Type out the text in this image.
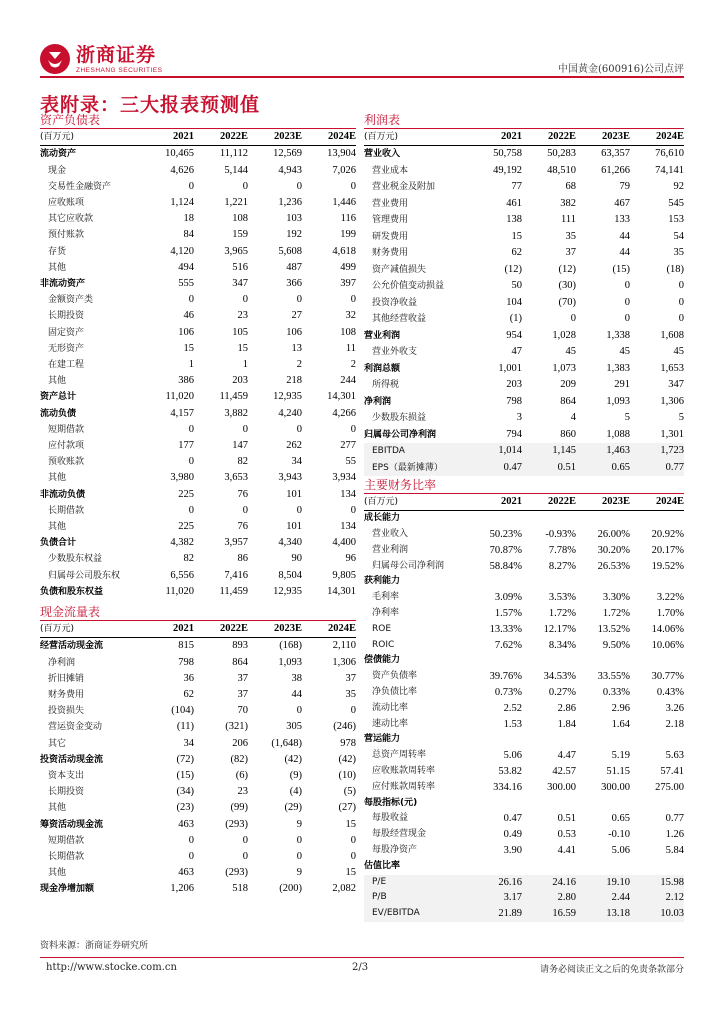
浙商证券
ZHESHANG SECURITIES	中国黄金(600916)公司点评
表附录：三大报表预测值
资产负债表
(百万元)	2021	2022E	2023E	2024E
流动资产	10,465	11,112	12,569	13,904
现金	4,626	5,144	4,943	7,026
交易性金融资产	0	0	0	0
应收账项	1,124	1,221	1,236	1,446
其它应收款	18	108	103	116
预付账款	84	159	192	199
存货	4,120	3,965	5,608	4,618
其他	494	516	487	499
非流动资产	555	347	366	397
金额资产类	0	0	0	0
长期投资	46	23	27	32
固定资产	106	105	106	108
无形资产	15	15	13	11
在建工程	1	1	2	2
其他	386	203	218	244
资产总计	11,020	11,459	12,935	14,301
流动负债	4,157	3,882	4,240	4,266
短期借款	0	0	0	0
应付款项	177	147	262	277
预收账款	0	82	34	55
其他	3,980	3,653	3,943	3,934
非流动负债	225	76	101	134
长期借款	0	0	0	0
其他	225	76	101	134
负债合计	4,382	3,957	4,340	4,400
少数股东权益	82	86	90	96
归属母公司股东权	6,556	7,416	8,504	9,805
负债和股东权益	11,020	11,459	12,935	14,301
现金流量表
(百万元)	2021	2022E	2023E	2024E
经营活动现金流	815	893	(168)	2,110
净利润	798	864	1,093	1,306
折旧摊销	36	37	38	37
财务费用	62	37	44	35
投资损失	(104)	70	0	0
营运资金变动	(11)	(321)	305	(246)
其它	34	206	(1,648)	978
投资活动现金流	(72)	(82)	(42)	(42)
资本支出	(15)	(6)	(9)	(10)
长期投资	(34)	23	(4)	(5)
其他	(23)	(99)	(29)	(27)
筹资活动现金流	463	(293)	9	15
短期借款	0	0	0	0
长期借款	0	0	0	0
其他	463	(293)	9	15
现金净增加额	1,206	518	(200)	2,082
利润表
(百万元)	2021	2022E	2023E	2024E
营业收入	50,758	50,283	63,357	76,610
营业成本	49,192	48,510	61,266	74,141
营业税金及附加	77	68	79	92
营业费用	461	382	467	545
管理费用	138	111	133	153
研发费用	15	35	44	54
财务费用	62	37	44	35
资产减值损失	(12)	(12)	(15)	(18)
公允价值变动损益	50	(30)	0	0
投资净收益	104	(70)	0	0
其他经营收益	(1)	0	0	0
营业利润	954	1,028	1,338	1,608
营业外收支	47	45	45	45
利润总额	1,001	1,073	1,383	1,653
所得税	203	209	291	347
净利润	798	864	1,093	1,306
少数股东损益	3	4	5	5
归属母公司净利润	794	860	1,088	1,301
EBITDA	1,014	1,145	1,463	1,723
EPS（最新摊薄）	0.47	0.51	0.65	0.77
主要财务比率
(百万元)	2021	2022E	2023E	2024E
成长能力				
营业收入	50.23%	-0.93%	26.00%	20.92%
营业利润	70.87%	7.78%	30.20%	20.17%
归属母公司净利润	58.84%	8.27%	26.53%	19.52%
获利能力				
毛利率	3.09%	3.53%	3.30%	3.22%
净利率	1.57%	1.72%	1.72%	1.70%
ROE	13.33%	12.17%	13.52%	14.06%
ROIC	7.62%	8.34%	9.50%	10.06%
偿债能力				
资产负债率	39.76%	34.53%	33.55%	30.77%
净负债比率	0.73%	0.27%	0.33%	0.43%
流动比率	2.52	2.86	2.96	3.26
速动比率	1.53	1.84	1.64	2.18
营运能力				
总资产周转率	5.06	4.47	5.19	5.63
应收账款周转率	53.82	42.57	51.15	57.41
应付账款周转率	334.16	300.00	300.00	275.00
每股指标(元)				
每股收益	0.47	0.51	0.65	0.77
每股经营现金	0.49	0.53	-0.10	1.26
每股净资产	3.90	4.41	5.06	5.84
估值比率				
P/E	26.16	24.16	19.10	15.98
P/B	3.17	2.80	2.44	2.12
EV/EBITDA	21.89	16.59	13.18	10.03
资料来源：浙商证券研究所
http://www.stocke.com.cn	2/3	请务必阅读正文之后的免责条款部分
